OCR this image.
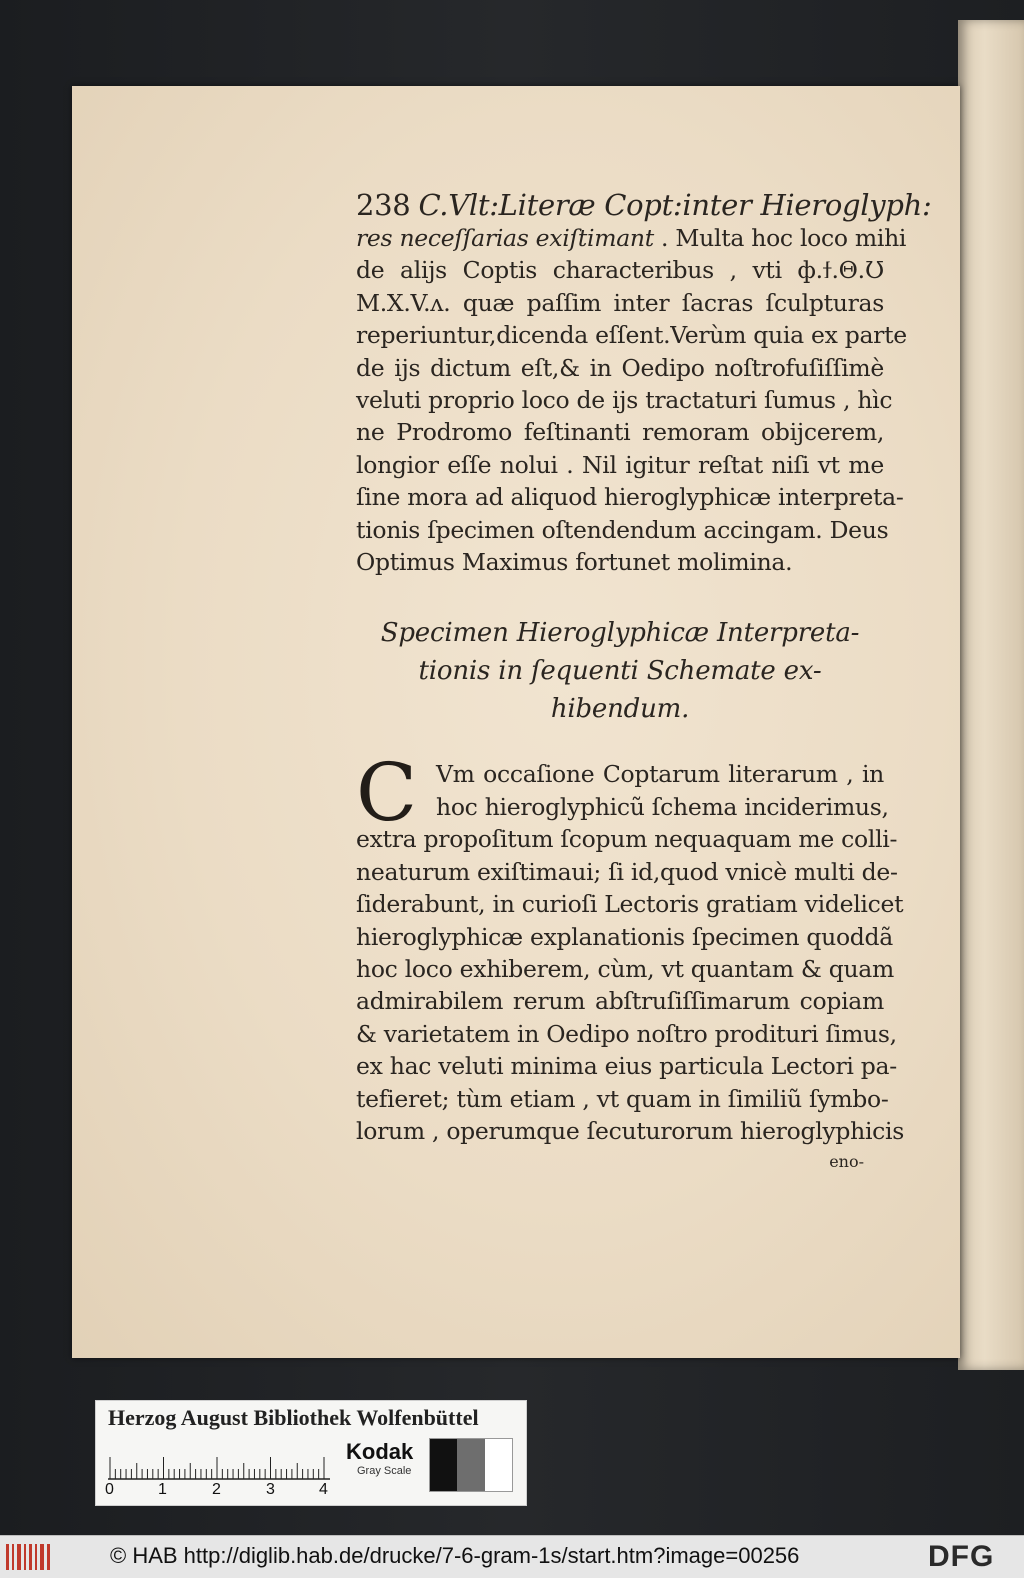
238 C.Vlt:Literæ Copt:inter Hieroglyph:
res neceſſarias exiſtimant . Multa hoc loco mihi
de alijs Coptis characteribus , vti ф.ϯ.Θ.Ʊ
M.X.V.ʌ. quæ paſſim inter ſacras ſculpturas
reperiuntur,dicenda eſſent.Verùm quia ex parte
de ijs dictum eſt,& in Oedipo noſtrofuſiſſimè
veluti proprio loco de ijs tractaturi ſumus , hìc
ne Prodromo feſtinanti remoram obijcerem,
longior eſſe nolui . Nil igitur reſtat niſi vt me
ſine mora ad aliquod hieroglyphicæ interpreta-
tionis ſpecimen oſtendendum accingam. Deus
Optimus Maximus fortunet molimina.
Specimen Hieroglyphicæ Interpreta-
tionis in ſequenti Schemate ex-
hibendum.
C Vm occaſione Coptarum literarum , in
hoc hieroglyphicũ ſchema inciderimus,
extra propoſitum ſcopum nequaquam me colli-
neaturum exiſtimaui; ſi id,quod vnicè multi de-
ſiderabunt, in curioſi Lectoris gratiam videlicet
hieroglyphicæ explanationis ſpecimen quoddã
hoc loco exhiberem, cùm, vt quantam & quam
admirabilem rerum abſtruſiſſimarum copiam
& varietatem in Oedipo noſtro prodituri ſimus,
ex hac veluti minima eius particula Lectori pa-
tefieret; tùm etiam , vt quam in ſimiliũ ſymbo-
lorum , operumque ſecuturorum hieroglyphicis
eno-
Herzog August Bibliothek Wolfenbüttel
0	1	2	3	4
Kodak
Gray Scale
© HAB http://diglib.hab.de/drucke/7-6-gram-1s/start.htm?image=00256	DFG
